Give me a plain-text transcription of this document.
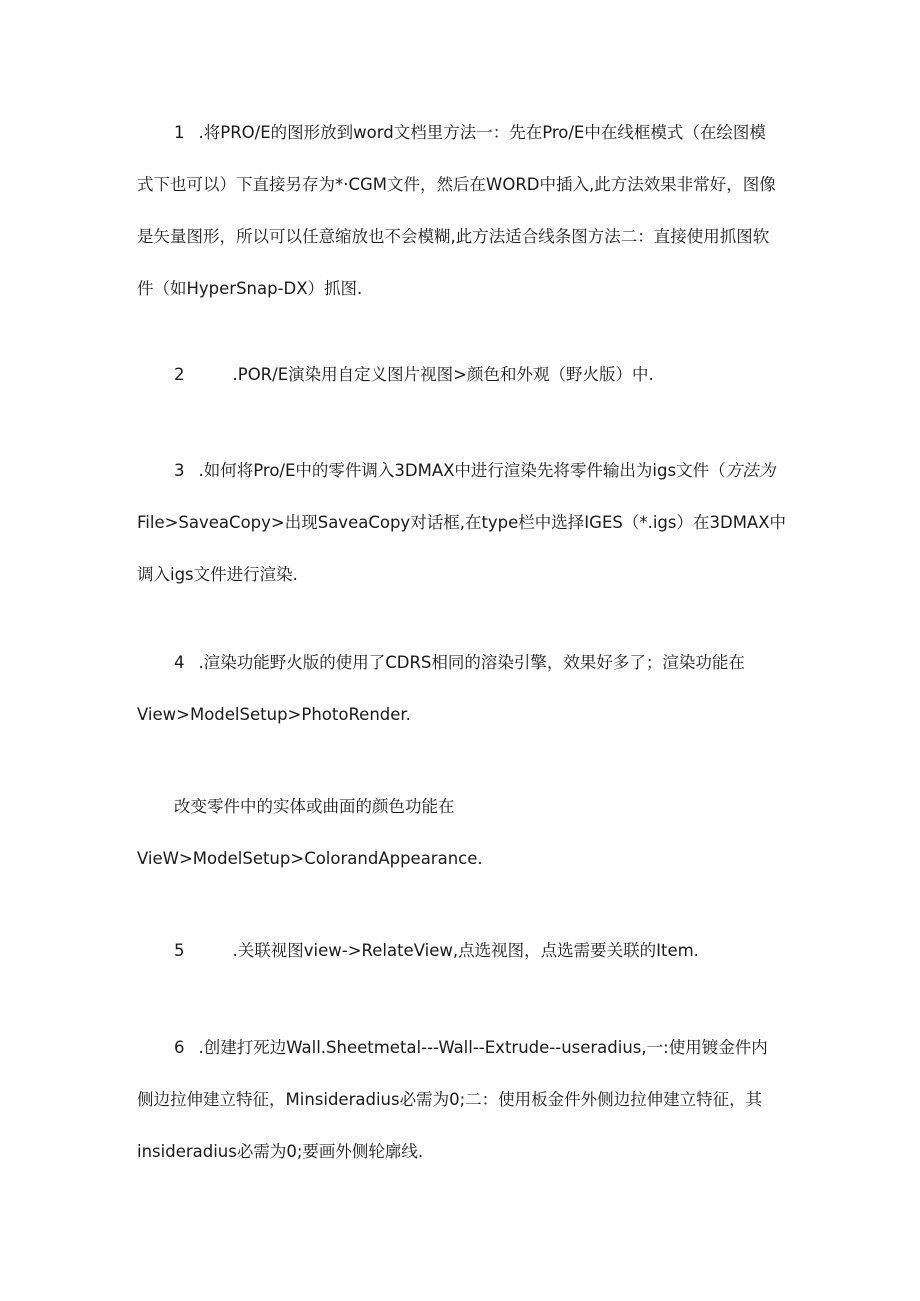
1 .将PRO/E的图形放到word文档里方法一：先在Pro/E中在线框模式（在绘图模
式下也可以）下直接另存为*·CGM文件，然后在WORD中插入,此方法效果非常好，图像
是矢量图形，所以可以任意缩放也不会模糊,此方法适合线条图方法二：直接使用抓图软
件（如HyperSnap-DX）抓图.
2	.POR/E演染用自定义图片视图>颜色和外观（野火版）中.
3 .如何将Pro/E中的零件调入3DMAX中进行渲染先将零件输出为igs文件（方法为
File>SaveaCopy>出现SaveaCopy对话框,在type栏中选择IGES（*.igs）在3DMAX中
调入igs文件进行渲染.
4 .渲染功能野火版的使用了CDRS相同的溶染引擎，效果好多了；渲染功能在
View>ModelSetup>PhotoRender.
改变零件中的实体或曲面的颜色功能在
VieW>ModelSetup>ColorandAppearance.
5	.关联视图view->RelateView,点选视图，点选需要关联的Item.
6 .创建打死边Wall.Sheetmetal---Wall--Extrude--useradius,一:使用镀金件内
侧边拉伸建立特征，Minsideradius必需为0;二：使用板金件外侧边拉伸建立特征，其
insideradius必需为0;要画外侧轮廓线.
